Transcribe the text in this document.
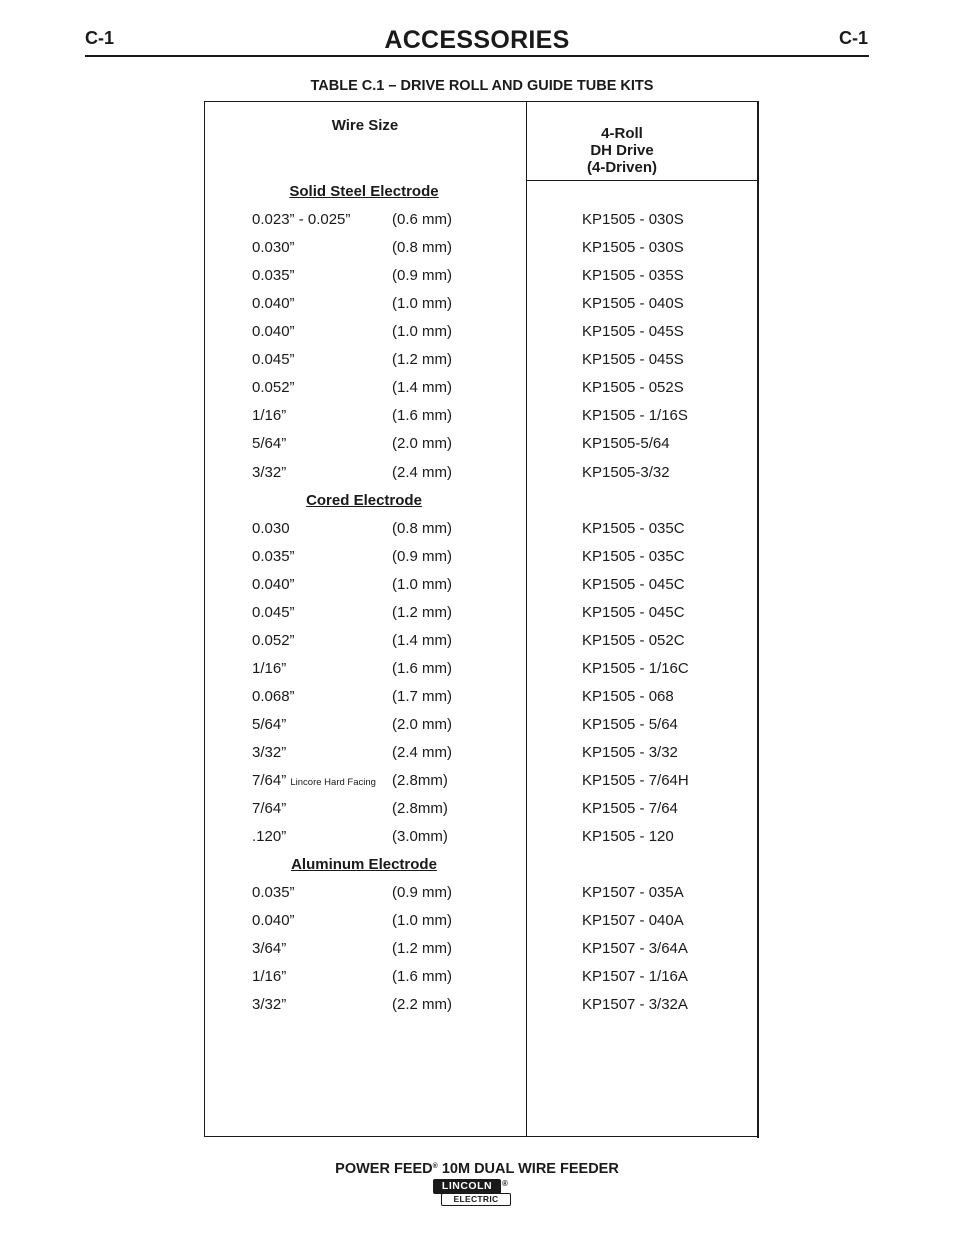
C-1	ACCESSORIES	C-1
TABLE C.1 – DRIVE ROLL AND GUIDE TUBE KITS
Wire Size	4-Roll
DH Drive
(4-Driven)
Solid Steel Electrode
0.023” - 0.025”	(0.6 mm)	KP1505 - 030S
0.030”	(0.8 mm)	KP1505 - 030S
0.035”	(0.9 mm)	KP1505 - 035S
0.040”	(1.0 mm)	KP1505 - 040S
0.040”	(1.0 mm)	KP1505 - 045S
0.045”	(1.2 mm)	KP1505 - 045S
0.052”	(1.4 mm)	KP1505 - 052S
1/16”	(1.6 mm)	KP1505 - 1/16S
5/64”	(2.0 mm)	KP1505-5/64
3/32”	(2.4 mm)	KP1505-3/32
Cored Electrode
0.030	(0.8 mm)	KP1505 - 035C
0.035”	(0.9 mm)	KP1505 - 035C
0.040”	(1.0 mm)	KP1505 - 045C
0.045”	(1.2 mm)	KP1505 - 045C
0.052”	(1.4 mm)	KP1505 - 052C
1/16”	(1.6 mm)	KP1505 - 1/16C
0.068”	(1.7 mm)	KP1505 - 068
5/64”	(2.0 mm)	KP1505 - 5/64
3/32”	(2.4 mm)	KP1505 - 3/32
7/64” Lincore Hard Facing (2.8mm)	KP1505 - 7/64H
7/64”	(2.8mm)	KP1505 - 7/64
.120”	(3.0mm)	KP1505 - 120
Aluminum Electrode
0.035”	(0.9 mm)	KP1507 - 035A
0.040”	(1.0 mm)	KP1507 - 040A
3/64”	(1.2 mm)	KP1507 - 3/64A
1/16”	(1.6 mm)	KP1507 - 1/16A
3/32”	(2.2 mm)	KP1507 - 3/32A
POWER FEED® 10M DUAL WIRE FEEDER
LINCOLN	®
ELECTRIC
